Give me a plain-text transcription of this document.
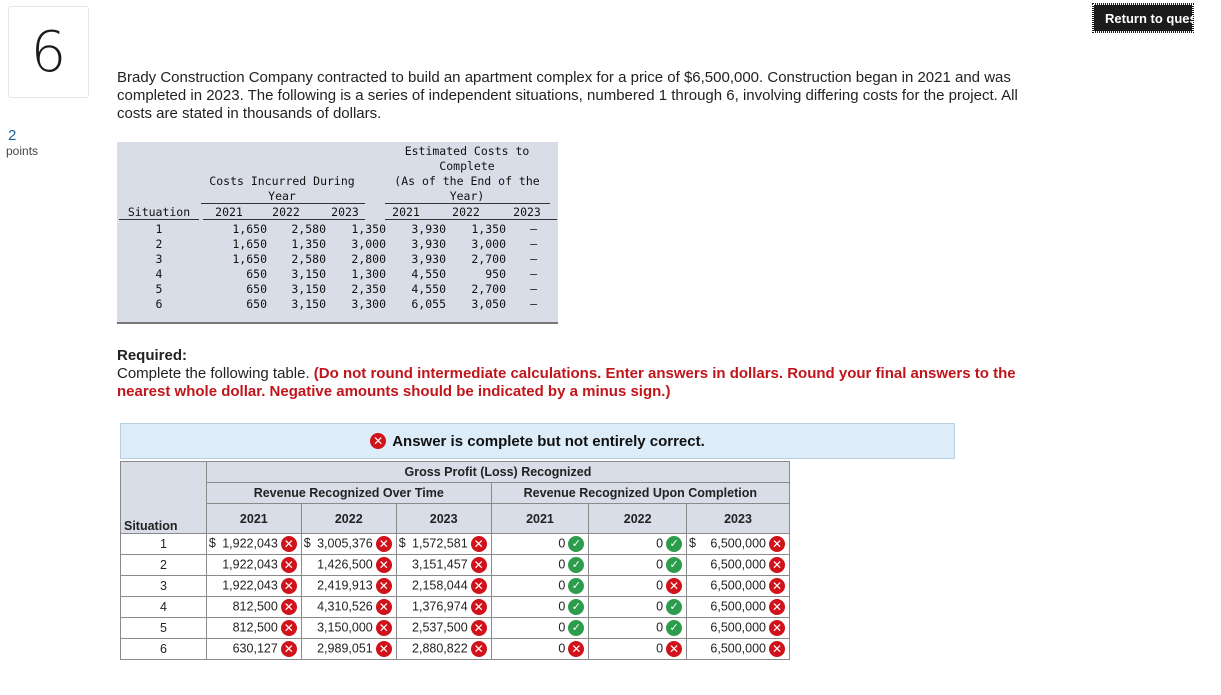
6
2
points
Return to question
Brady Construction Company contracted to build an apartment complex for a price of $6,500,000. Construction began in 2021 and was completed in 2023. The following is a series of independent situations, numbered 1 through 6, involving differing costs for the project. All costs are stated in thousands of dollars.
Costs Incurred During
Year
Estimated Costs to
Complete
(As of the End of the
Year)
Situation	2021	2022	2023	2021	2022	2023
1	1,650	2,580	1,350	3,930	1,350	—
2	1,650	1,350	3,000	3,930	3,000	—
3	1,650	2,580	2,800	3,930	2,700	—
4	650	3,150	1,300	4,550	950	—
5	650	3,150	2,350	4,550	2,700	—
6	650	3,150	3,300	6,055	3,050	—
Required:
Complete the following table. (Do not round intermediate calculations. Enter answers in dollars. Round your final answers to the nearest whole dollar. Negative amounts should be indicated by a minus sign.)
✕ Answer is complete but not entirely correct.
	Gross Profit (Loss) Recognized					
	Revenue Recognized Over Time			Revenue Recognized Upon Completion		
Situation	2021	2022	2023	2021	2022	2023
1	$ 1,922,043 ✕	$ 3,005,376 ✕	$ 1,572,581 ✕	0 ✓	0 ✓	$ 6,500,000 ✕
2	1,922,043 ✕	1,426,500 ✕	3,151,457 ✕	0 ✓	0 ✓	6,500,000 ✕
3	1,922,043 ✕	2,419,913 ✕	2,158,044 ✕	0 ✓	0 ✕	6,500,000 ✕
4	812,500 ✕	4,310,526 ✕	1,376,974 ✕	0 ✓	0 ✓	6,500,000 ✕
5	812,500 ✕	3,150,000 ✕	2,537,500 ✕	0 ✓	0 ✓	6,500,000 ✕
6	630,127 ✕	2,989,051 ✕	2,880,822 ✕	0 ✕	0 ✕	6,500,000 ✕
